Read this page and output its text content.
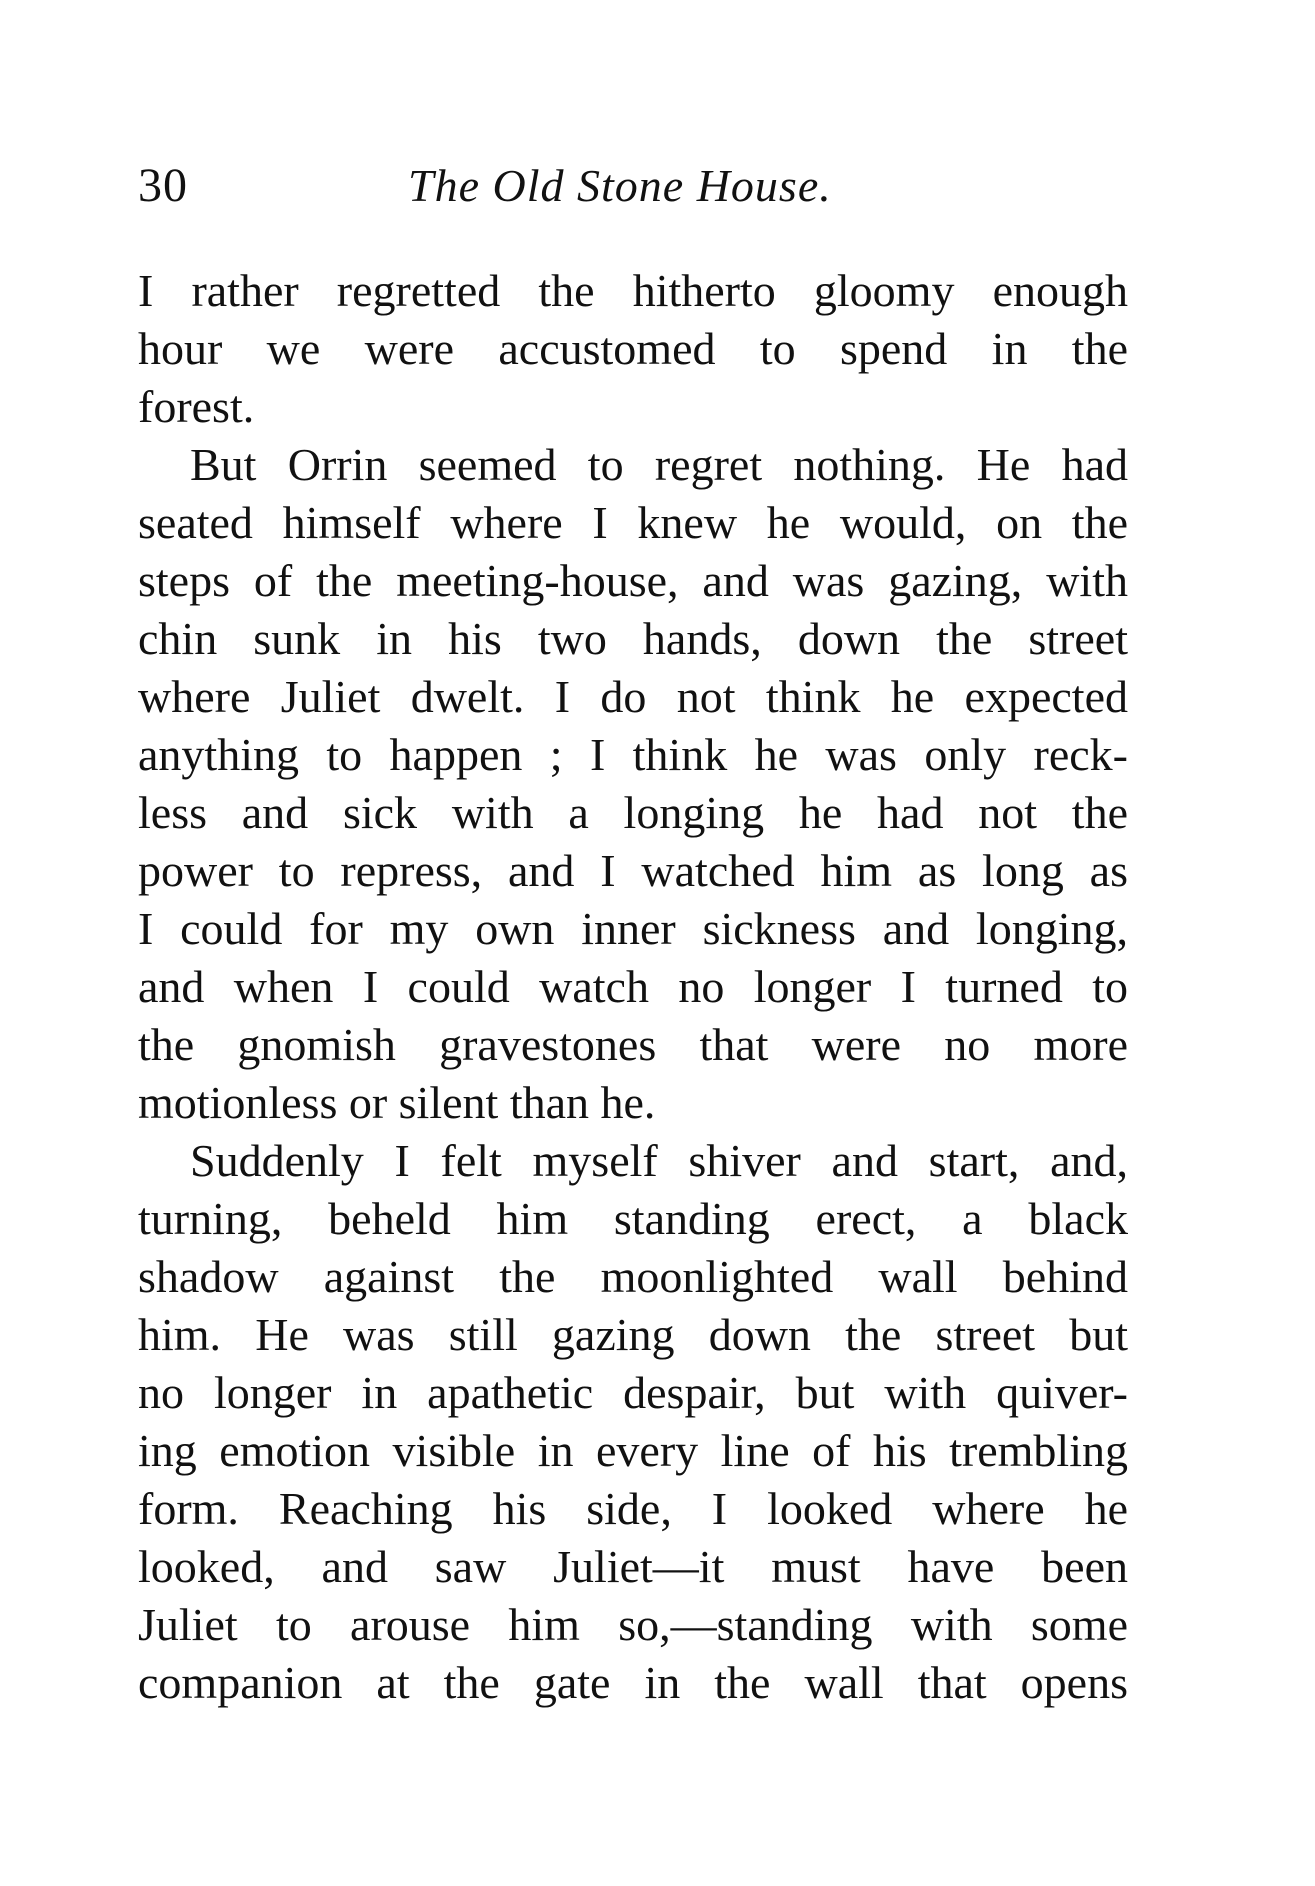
30	The Old Stone House.
I rather regretted the hitherto gloomy enough
hour we were accustomed to spend in the
forest.
But Orrin seemed to regret nothing. He had
seated himself where I knew he would, on the
steps of the meeting-house, and was gazing, with
chin sunk in his two hands, down the street
where Juliet dwelt. I do not think he expected
anything to happen ; I think he was only reck-
less and sick with a longing he had not the
power to repress, and I watched him as long as
I could for my own inner sickness and longing,
and when I could watch no longer I turned to
the gnomish gravestones that were no more
motionless or silent than he.
Suddenly I felt myself shiver and start, and,
turning, beheld him standing erect, a black
shadow against the moonlighted wall behind
him. He was still gazing down the street but
no longer in apathetic despair, but with quiver-
ing emotion visible in every line of his trembling
form. Reaching his side, I looked where he
looked, and saw Juliet—it must have been
Juliet to arouse him so,—standing with some
companion at the gate in the wall that opens
